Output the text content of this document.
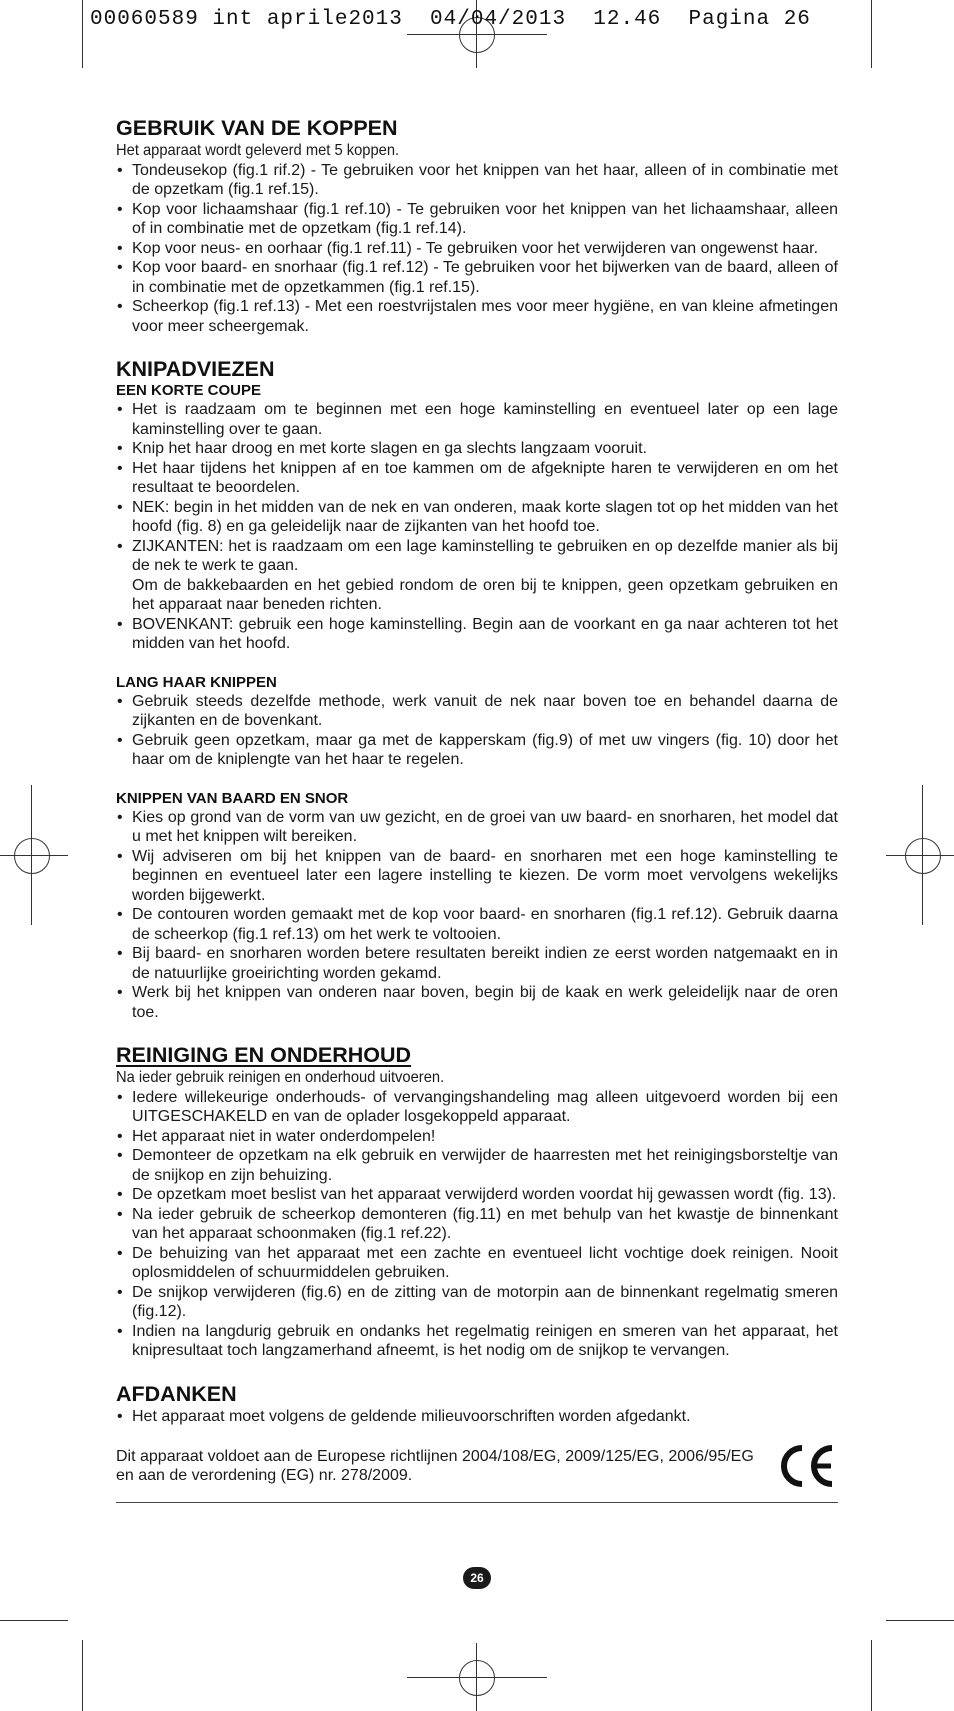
00060589 int aprile2013  04/04/2013  12.46  Pagina 26
GEBRUIK VAN DE KOPPEN
Het apparaat wordt geleverd met 5 koppen.
• Tondeusekop (fig.1 rif.2) - Te gebruiken voor het knippen van het haar, alleen of in combinatie met de opzetkam (fig.1 ref.15).
• Kop voor lichaamshaar (fig.1 ref.10) - Te gebruiken voor het knippen van het lichaamshaar, alleen of in combinatie met de opzetkam (fig.1 ref.14).
• Kop voor neus- en oorhaar (fig.1 ref.11) - Te gebruiken voor het verwijderen van ongewenst haar.
• Kop voor baard- en snorhaar (fig.1 ref.12) - Te gebruiken voor het bijwerken van de baard, alleen of in combinatie met de opzetkammen (fig.1 ref.15).
• Scheerkop (fig.1 ref.13) - Met een roestvrijstalen mes voor meer hygiëne, en van kleine afmetingen voor meer scheergemak.
KNIPADVIEZEN
EEN KORTE COUPE
• Het is raadzaam om te beginnen met een hoge kaminstelling en eventueel later op een lage kaminstelling over te gaan.
• Knip het haar droog en met korte slagen en ga slechts langzaam vooruit.
• Het haar tijdens het knippen af en toe kammen om de afgeknipte haren te verwijderen en om het resultaat te beoordelen.
• NEK: begin in het midden van de nek en van onderen, maak korte slagen tot op het midden van het hoofd (fig. 8) en ga geleidelijk naar de zijkanten van het hoofd toe.
• ZIJKANTEN: het is raadzaam om een lage kaminstelling te gebruiken en op dezelfde manier als bij de nek te werk te gaan.
Om de bakkebaarden en het gebied rondom de oren bij te knippen, geen opzetkam gebruiken en het apparaat naar beneden richten.
• BOVENKANT: gebruik een hoge kaminstelling. Begin aan de voorkant en ga naar achteren tot het midden van het hoofd.
LANG HAAR KNIPPEN
• Gebruik steeds dezelfde methode, werk vanuit de nek naar boven toe en behandel daarna de zijkanten en de bovenkant.
• Gebruik geen opzetkam, maar ga met de kapperskam (fig.9) of met uw vingers (fig. 10) door het haar om de kniplengte van het haar te regelen.
KNIPPEN VAN BAARD EN SNOR
• Kies op grond van de vorm van uw gezicht, en de groei van uw baard- en snorharen, het model dat u met het knippen wilt bereiken.
• Wij adviseren om bij het knippen van de baard- en snorharen met een hoge kaminstelling te beginnen en eventueel later een lagere instelling te kiezen. De vorm moet vervolgens wekelijks worden bijgewerkt.
• De contouren worden gemaakt met de kop voor baard- en snorharen (fig.1 ref.12). Gebruik daarna de scheerkop (fig.1 ref.13) om het werk te voltooien.
• Bij baard- en snorharen worden betere resultaten bereikt indien ze eerst worden natgemaakt en in de natuurlijke groeirichting worden gekamd.
• Werk bij het knippen van onderen naar boven, begin bij de kaak en werk geleidelijk naar de oren toe.
REINIGING EN ONDERHOUD
Na ieder gebruik reinigen en onderhoud uitvoeren.
• Iedere willekeurige onderhouds- of vervangingshandeling mag alleen uitgevoerd worden bij een UITGESCHAKELD en van de oplader losgekoppeld apparaat.
• Het apparaat niet in water onderdompelen!
• Demonteer de opzetkam na elk gebruik en verwijder de haarresten met het reinigingsborsteltje van de snijkop en zijn behuizing.
• De opzetkam moet beslist van het apparaat verwijderd worden voordat hij gewassen wordt (fig. 13).
• Na ieder gebruik de scheerkop demonteren (fig.11) en met behulp van het kwastje de binnenkant van het apparaat schoonmaken (fig.1 ref.22).
• De behuizing van het apparaat met een zachte en eventueel licht vochtige doek reinigen. Nooit oplosmiddelen of schuurmiddelen gebruiken.
• De snijkop verwijderen (fig.6) en de zitting van de motorpin aan de binnenkant regelmatig smeren (fig.12).
• Indien na langdurig gebruik en ondanks het regelmatig reinigen en smeren van het apparaat, het knipresultaat toch langzamerhand afneemt, is het nodig om de snijkop te vervangen.
AFDANKEN
• Het apparaat moet volgens de geldende milieuvoorschriften worden afgedankt.
Dit apparaat voldoet aan de Europese richtlijnen 2004/108/EG, 2009/125/EG, 2006/95/EG en aan de verordening (EG) nr. 278/2009.
26
